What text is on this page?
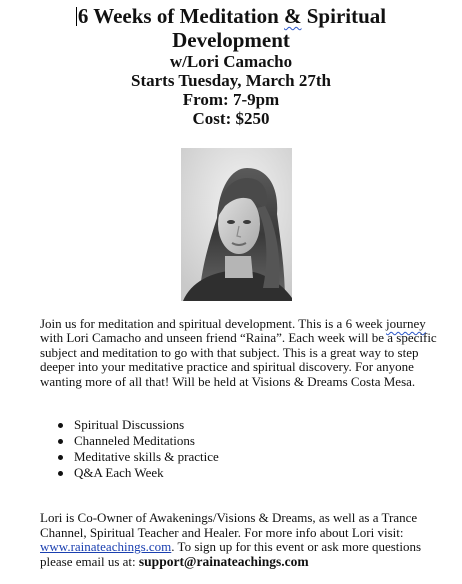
6 Weeks of Meditation & Spiritual
Development
w/Lori Camacho
Starts Tuesday, March 27th
From: 7-9pm
Cost: $250

Join us for meditation and spiritual development. This is a 6 week journey with Lori Camacho and unseen friend “Raina”. Each week will be a specific subject and meditation to go with that subject. This is a great way to step deeper into your meditative practice and spiritual discovery. For anyone wanting more of all that! Will be held at Visions & Dreams Costa Mesa.

Spiritual Discussions
Channeled Meditations
Meditative skills & practice
Q&A Each Week

Lori is Co-Owner of Awakenings/Visions & Dreams, as well as a Trance Channel, Spiritual Teacher and Healer. For more info about Lori visit: www.rainateachings.com. To sign up for this event or ask more questions please email us at: support@rainateachings.com
